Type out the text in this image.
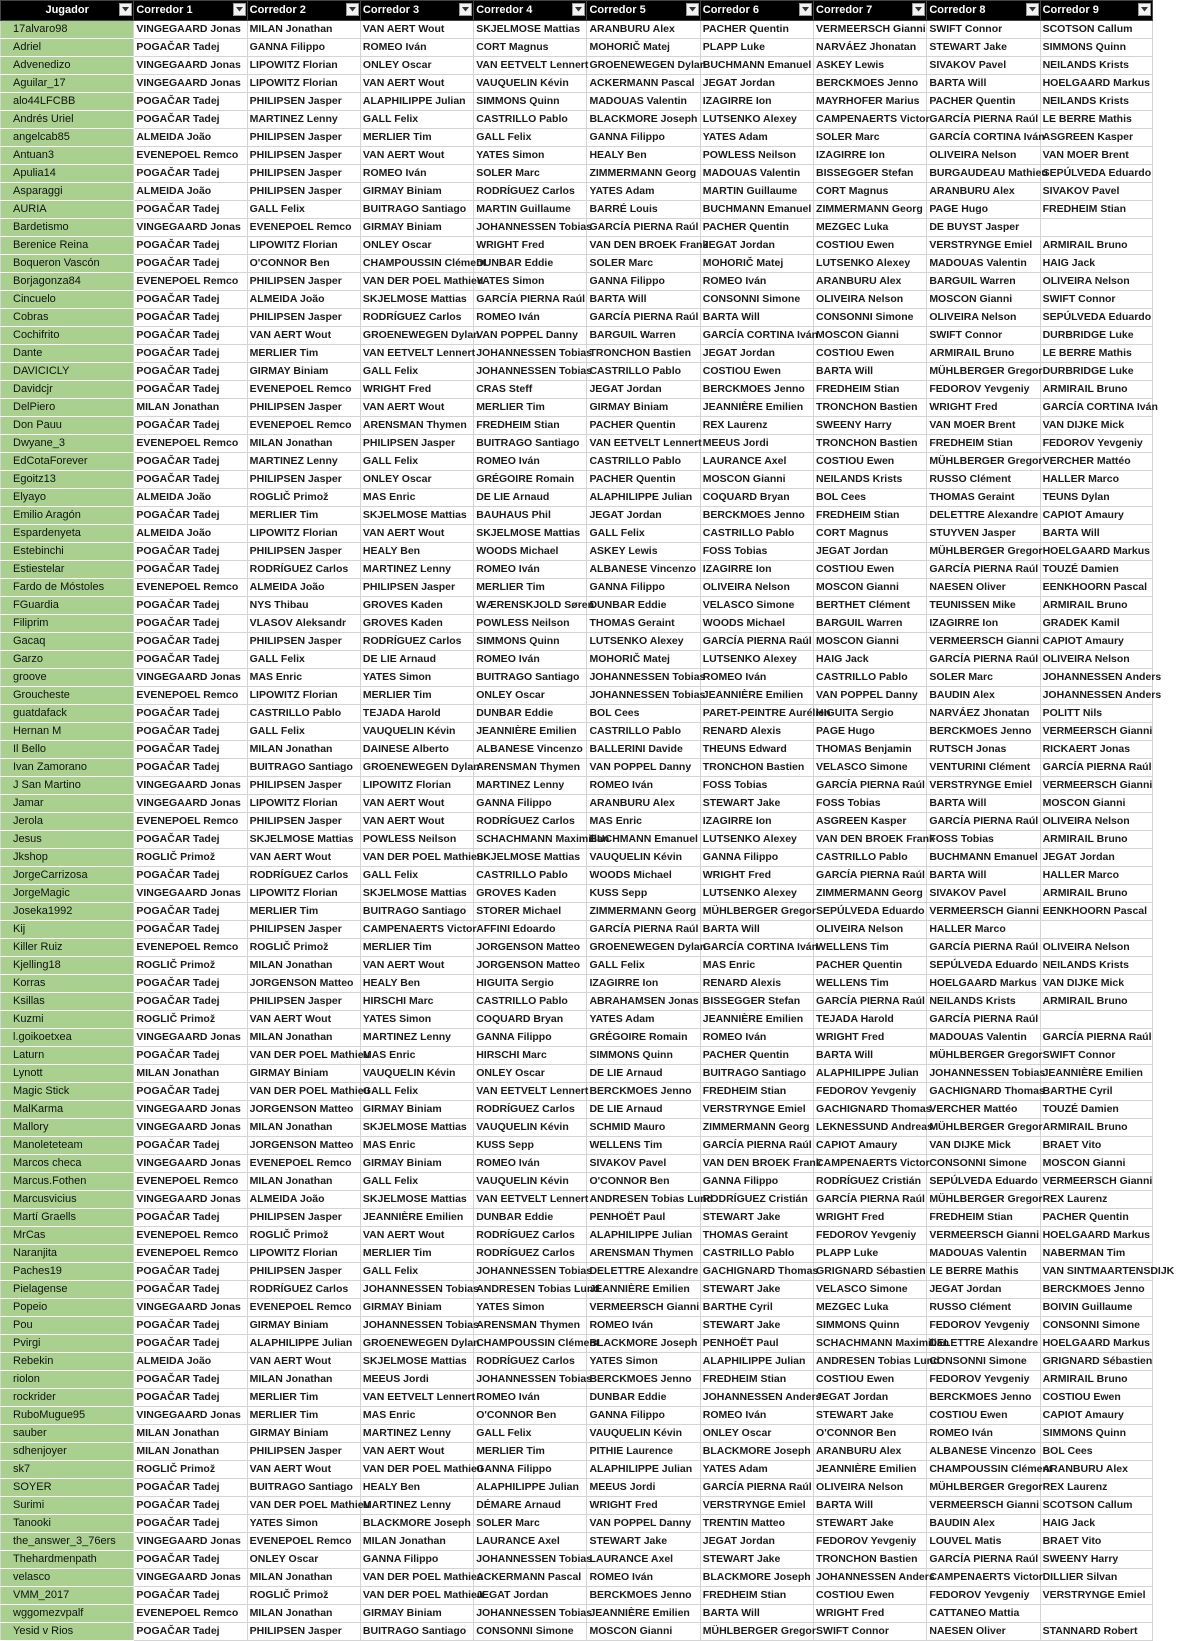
Jugador	Corredor 1	Corredor 2	Corredor 3	Corredor 4	Corredor 5	Corredor 6	Corredor 7	Corredor 8	Corredor 9

17alvaro98	VINGEGAARD Jonas	MILAN Jonathan	VAN AERT Wout	SKJELMOSE Mattias	ARANBURU Alex	PACHER Quentin	VERMEERSCH Gianni	SWIFT Connor	SCOTSON Callum
Adriel	POGAČAR Tadej	GANNA Filippo	ROMEO Iván	CORT Magnus	MOHORIČ Matej	PLAPP Luke	NARVÁEZ Jhonatan	STEWART Jake	SIMMONS Quinn
Advenedizo	VINGEGAARD Jonas	LIPOWITZ Florian	ONLEY Oscar	VAN EETVELT Lennert	GROENEWEGEN Dylan	BUCHMANN Emanuel	ASKEY Lewis	SIVAKOV Pavel	NEILANDS Krists
Aguilar_17	VINGEGAARD Jonas	LIPOWITZ Florian	VAN AERT Wout	VAUQUELIN Kévin	ACKERMANN Pascal	JEGAT Jordan	BERCKMOES Jenno	BARTA Will	HOELGAARD Markus
alo44LFCBB	POGAČAR Tadej	PHILIPSEN Jasper	ALAPHILIPPE Julian	SIMMONS Quinn	MADOUAS Valentin	IZAGIRRE Ion	MAYRHOFER Marius	PACHER Quentin	NEILANDS Krists
Andrés Uriel	POGAČAR Tadej	MARTINEZ Lenny	GALL Felix	CASTRILLO Pablo	BLACKMORE Joseph	LUTSENKO Alexey	CAMPENAERTS Victor	GARCÍA PIERNA Raúl	LE BERRE Mathis
angelcab85	ALMEIDA João	PHILIPSEN Jasper	MERLIER Tim	GALL Felix	GANNA Filippo	YATES Adam	SOLER Marc	GARCÍA CORTINA Iván	ASGREEN Kasper
Antuan3	EVENEPOEL Remco	PHILIPSEN Jasper	VAN AERT Wout	YATES Simon	HEALY Ben	POWLESS Neilson	IZAGIRRE Ion	OLIVEIRA Nelson	VAN MOER Brent
Apulia14	POGAČAR Tadej	PHILIPSEN Jasper	ROMEO Iván	SOLER Marc	ZIMMERMANN Georg	MADOUAS Valentin	BISSEGGER Stefan	BURGAUDEAU Mathieu	SEPÚLVEDA Eduardo
Asparaggi	ALMEIDA João	PHILIPSEN Jasper	GIRMAY Biniam	RODRÍGUEZ Carlos	YATES Adam	MARTIN Guillaume	CORT Magnus	ARANBURU Alex	SIVAKOV Pavel
AURIA	POGAČAR Tadej	GALL Felix	BUITRAGO Santiago	MARTIN Guillaume	BARRÉ Louis	BUCHMANN Emanuel	ZIMMERMANN Georg	PAGE Hugo	FREDHEIM Stian
Bardetismo	VINGEGAARD Jonas	EVENEPOEL Remco	GIRMAY Biniam	JOHANNESSEN Tobias	GARCÍA PIERNA Raúl	PACHER Quentin	MEZGEC Luka	DE BUYST Jasper	
Berenice Reina	POGAČAR Tadej	LIPOWITZ Florian	ONLEY Oscar	WRIGHT Fred	VAN DEN BROEK Frank	JEGAT Jordan	COSTIOU Ewen	VERSTRYNGE Emiel	ARMIRAIL Bruno
Boqueron Vascón	POGAČAR Tadej	O'CONNOR Ben	CHAMPOUSSIN Clément	DUNBAR Eddie	SOLER Marc	MOHORIČ Matej	LUTSENKO Alexey	MADOUAS Valentin	HAIG Jack
Borjagonza84	EVENEPOEL Remco	PHILIPSEN Jasper	VAN DER POEL Mathieu	YATES Simon	GANNA Filippo	ROMEO Iván	ARANBURU Alex	BARGUIL Warren	OLIVEIRA Nelson
Cincuelo	POGAČAR Tadej	ALMEIDA João	SKJELMOSE Mattias	GARCÍA PIERNA Raúl	BARTA Will	CONSONNI Simone	OLIVEIRA Nelson	MOSCON Gianni	SWIFT Connor
Cobras	POGAČAR Tadej	PHILIPSEN Jasper	RODRÍGUEZ Carlos	ROMEO Iván	GARCÍA PIERNA Raúl	BARTA Will	CONSONNI Simone	OLIVEIRA Nelson	SEPÚLVEDA Eduardo
Cochifrito	POGAČAR Tadej	VAN AERT Wout	GROENEWEGEN Dylan	VAN POPPEL Danny	BARGUIL Warren	GARCÍA CORTINA Iván	MOSCON Gianni	SWIFT Connor	DURBRIDGE Luke
Dante	POGAČAR Tadej	MERLIER Tim	VAN EETVELT Lennert	JOHANNESSEN Tobias	TRONCHON Bastien	JEGAT Jordan	COSTIOU Ewen	ARMIRAIL Bruno	LE BERRE Mathis
DAVICICLY	POGAČAR Tadej	GIRMAY Biniam	GALL Felix	JOHANNESSEN Tobias	CASTRILLO Pablo	COSTIOU Ewen	BARTA Will	MÜHLBERGER Gregor	DURBRIDGE Luke
Davidcjr	POGAČAR Tadej	EVENEPOEL Remco	WRIGHT Fred	CRAS Steff	JEGAT Jordan	BERCKMOES Jenno	FREDHEIM Stian	FEDOROV Yevgeniy	ARMIRAIL Bruno
DelPiero	MILAN Jonathan	PHILIPSEN Jasper	VAN AERT Wout	MERLIER Tim	GIRMAY Biniam	JEANNIÈRE Emilien	TRONCHON Bastien	WRIGHT Fred	GARCÍA CORTINA Iván
Don Pauu	POGAČAR Tadej	EVENEPOEL Remco	ARENSMAN Thymen	FREDHEIM Stian	PACHER Quentin	REX Laurenz	SWEENY Harry	VAN MOER Brent	VAN DIJKE Mick
Dwyane_3	EVENEPOEL Remco	MILAN Jonathan	PHILIPSEN Jasper	BUITRAGO Santiago	VAN EETVELT Lennert	MEEUS Jordi	TRONCHON Bastien	FREDHEIM Stian	FEDOROV Yevgeniy
EdCotaForever	POGAČAR Tadej	MARTINEZ Lenny	GALL Felix	ROMEO Iván	CASTRILLO Pablo	LAURANCE Axel	COSTIOU Ewen	MÜHLBERGER Gregor	VERCHER Mattéo
Egoitz13	POGAČAR Tadej	PHILIPSEN Jasper	ONLEY Oscar	GRÉGOIRE Romain	PACHER Quentin	MOSCON Gianni	NEILANDS Krists	RUSSO Clément	HALLER Marco
Elyayo	ALMEIDA João	ROGLIČ Primož	MAS Enric	DE LIE Arnaud	ALAPHILIPPE Julian	COQUARD Bryan	BOL Cees	THOMAS Geraint	TEUNS Dylan
Emilio Aragón	POGAČAR Tadej	MERLIER Tim	SKJELMOSE Mattias	BAUHAUS Phil	JEGAT Jordan	BERCKMOES Jenno	FREDHEIM Stian	DELETTRE Alexandre	CAPIOT Amaury
Espardenyeta	ALMEIDA João	LIPOWITZ Florian	VAN AERT Wout	SKJELMOSE Mattias	GALL Felix	CASTRILLO Pablo	CORT Magnus	STUYVEN Jasper	BARTA Will
Estebinchi	POGAČAR Tadej	PHILIPSEN Jasper	HEALY Ben	WOODS Michael	ASKEY Lewis	FOSS Tobias	JEGAT Jordan	MÜHLBERGER Gregor	HOELGAARD Markus
Estiestelar	POGAČAR Tadej	RODRÍGUEZ Carlos	MARTINEZ Lenny	ROMEO Iván	ALBANESE Vincenzo	IZAGIRRE Ion	COSTIOU Ewen	GARCÍA PIERNA Raúl	TOUZÉ Damien
Fardo de Móstoles	EVENEPOEL Remco	ALMEIDA João	PHILIPSEN Jasper	MERLIER Tim	GANNA Filippo	OLIVEIRA Nelson	MOSCON Gianni	NAESEN Oliver	EENKHOORN Pascal
FGuardia	POGAČAR Tadej	NYS Thibau	GROVES Kaden	WÆRENSKJOLD Søren	DUNBAR Eddie	VELASCO Simone	BERTHET Clément	TEUNISSEN Mike	ARMIRAIL Bruno
Filiprim	POGAČAR Tadej	VLASOV Aleksandr	GROVES Kaden	POWLESS Neilson	THOMAS Geraint	WOODS Michael	BARGUIL Warren	IZAGIRRE Ion	GRADEK Kamil
Gacaq	POGAČAR Tadej	PHILIPSEN Jasper	RODRÍGUEZ Carlos	SIMMONS Quinn	LUTSENKO Alexey	GARCÍA PIERNA Raúl	MOSCON Gianni	VERMEERSCH Gianni	CAPIOT Amaury
Garzo	POGAČAR Tadej	GALL Felix	DE LIE Arnaud	ROMEO Iván	MOHORIČ Matej	LUTSENKO Alexey	HAIG Jack	GARCÍA PIERNA Raúl	OLIVEIRA Nelson
groove	VINGEGAARD Jonas	MAS Enric	YATES Simon	BUITRAGO Santiago	JOHANNESSEN Tobias	ROMEO Iván	CASTRILLO Pablo	SOLER Marc	JOHANNESSEN Anders
Groucheste	EVENEPOEL Remco	LIPOWITZ Florian	MERLIER Tim	ONLEY Oscar	JOHANNESSEN Tobias	JEANNIÈRE Emilien	VAN POPPEL Danny	BAUDIN Alex	JOHANNESSEN Anders
guatdafack	POGAČAR Tadej	CASTRILLO Pablo	TEJADA Harold	DUNBAR Eddie	BOL Cees	PARET-PEINTRE Aurélien	HIGUITA Sergio	NARVÁEZ Jhonatan	POLITT Nils
Hernan M	POGAČAR Tadej	GALL Felix	VAUQUELIN Kévin	JEANNIÈRE Emilien	CASTRILLO Pablo	RENARD Alexis	PAGE Hugo	BERCKMOES Jenno	VERMEERSCH Gianni
Il Bello	POGAČAR Tadej	MILAN Jonathan	DAINESE Alberto	ALBANESE Vincenzo	BALLERINI Davide	THEUNS Edward	THOMAS Benjamin	RUTSCH Jonas	RICKAERT Jonas
Ivan Zamorano	POGAČAR Tadej	BUITRAGO Santiago	GROENEWEGEN Dylan	ARENSMAN Thymen	VAN POPPEL Danny	TRONCHON Bastien	VELASCO Simone	VENTURINI Clément	GARCÍA PIERNA Raúl
J San Martino	VINGEGAARD Jonas	PHILIPSEN Jasper	LIPOWITZ Florian	MARTINEZ Lenny	ROMEO Iván	FOSS Tobias	GARCÍA PIERNA Raúl	VERSTRYNGE Emiel	VERMEERSCH Gianni
Jamar	VINGEGAARD Jonas	LIPOWITZ Florian	VAN AERT Wout	GANNA Filippo	ARANBURU Alex	STEWART Jake	FOSS Tobias	BARTA Will	MOSCON Gianni
Jerola	EVENEPOEL Remco	PHILIPSEN Jasper	VAN AERT Wout	RODRÍGUEZ Carlos	MAS Enric	IZAGIRRE Ion	ASGREEN Kasper	GARCÍA PIERNA Raúl	OLIVEIRA Nelson
Jesus	POGAČAR Tadej	SKJELMOSE Mattias	POWLESS Neilson	SCHACHMANN Maximilian	BUCHMANN Emanuel	LUTSENKO Alexey	VAN DEN BROEK Frank	FOSS Tobias	ARMIRAIL Bruno
Jkshop	ROGLIČ Primož	VAN AERT Wout	VAN DER POEL Mathieu	SKJELMOSE Mattias	VAUQUELIN Kévin	GANNA Filippo	CASTRILLO Pablo	BUCHMANN Emanuel	JEGAT Jordan
JorgeCarrizosa	POGAČAR Tadej	RODRÍGUEZ Carlos	GALL Felix	CASTRILLO Pablo	WOODS Michael	WRIGHT Fred	GARCÍA PIERNA Raúl	BARTA Will	HALLER Marco
JorgeMagic	VINGEGAARD Jonas	LIPOWITZ Florian	SKJELMOSE Mattias	GROVES Kaden	KUSS Sepp	LUTSENKO Alexey	ZIMMERMANN Georg	SIVAKOV Pavel	ARMIRAIL Bruno
Joseka1992	POGAČAR Tadej	MERLIER Tim	BUITRAGO Santiago	STORER Michael	ZIMMERMANN Georg	MÜHLBERGER Gregor	SEPÚLVEDA Eduardo	VERMEERSCH Gianni	EENKHOORN Pascal
Kij	POGAČAR Tadej	PHILIPSEN Jasper	CAMPENAERTS Victor	AFFINI Edoardo	GARCÍA PIERNA Raúl	BARTA Will	OLIVEIRA Nelson	HALLER Marco	
Killer Ruiz	EVENEPOEL Remco	ROGLIČ Primož	MERLIER Tim	JORGENSON Matteo	GROENEWEGEN Dylan	GARCÍA CORTINA Iván	WELLENS Tim	GARCÍA PIERNA Raúl	OLIVEIRA Nelson
Kjelling18	ROGLIČ Primož	MILAN Jonathan	VAN AERT Wout	JORGENSON Matteo	GALL Felix	MAS Enric	PACHER Quentin	SEPÚLVEDA Eduardo	NEILANDS Krists
Korras	POGAČAR Tadej	JORGENSON Matteo	HEALY Ben	HIGUITA Sergio	IZAGIRRE Ion	RENARD Alexis	WELLENS Tim	HOELGAARD Markus	VAN DIJKE Mick
Ksillas	POGAČAR Tadej	PHILIPSEN Jasper	HIRSCHI Marc	CASTRILLO Pablo	ABRAHAMSEN Jonas	BISSEGGER Stefan	GARCÍA PIERNA Raúl	NEILANDS Krists	ARMIRAIL Bruno
Kuzmi	ROGLIČ Primož	VAN AERT Wout	YATES Simon	COQUARD Bryan	YATES Adam	JEANNIÈRE Emilien	TEJADA Harold	GARCÍA PIERNA Raúl	
l.goikoetxea	VINGEGAARD Jonas	MILAN Jonathan	MARTINEZ Lenny	GANNA Filippo	GRÉGOIRE Romain	ROMEO Iván	WRIGHT Fred	MADOUAS Valentin	GARCÍA PIERNA Raúl
Laturn	POGAČAR Tadej	VAN DER POEL Mathieu	MAS Enric	HIRSCHI Marc	SIMMONS Quinn	PACHER Quentin	BARTA Will	MÜHLBERGER Gregor	SWIFT Connor
Lynott	MILAN Jonathan	GIRMAY Biniam	VAUQUELIN Kévin	ONLEY Oscar	DE LIE Arnaud	BUITRAGO Santiago	ALAPHILIPPE Julian	JOHANNESSEN Tobias	JEANNIÈRE Emilien
Magic Stick	POGAČAR Tadej	VAN DER POEL Mathieu	GALL Felix	VAN EETVELT Lennert	BERCKMOES Jenno	FREDHEIM Stian	FEDOROV Yevgeniy	GACHIGNARD Thomas	BARTHE Cyril
MalKarma	VINGEGAARD Jonas	JORGENSON Matteo	GIRMAY Biniam	RODRÍGUEZ Carlos	DE LIE Arnaud	VERSTRYNGE Emiel	GACHIGNARD Thomas	VERCHER Mattéo	TOUZÉ Damien
Mallory	VINGEGAARD Jonas	MILAN Jonathan	SKJELMOSE Mattias	VAUQUELIN Kévin	SCHMID Mauro	ZIMMERMANN Georg	LEKNESSUND Andreas	MÜHLBERGER Gregor	ARMIRAIL Bruno
Manoleteteam	POGAČAR Tadej	JORGENSON Matteo	MAS Enric	KUSS Sepp	WELLENS Tim	GARCÍA PIERNA Raúl	CAPIOT Amaury	VAN DIJKE Mick	BRAET Vito
Marcos checa	VINGEGAARD Jonas	EVENEPOEL Remco	GIRMAY Biniam	ROMEO Iván	SIVAKOV Pavel	VAN DEN BROEK Frank	CAMPENAERTS Victor	CONSONNI Simone	MOSCON Gianni
Marcus.Fothen	EVENEPOEL Remco	MILAN Jonathan	GALL Felix	VAUQUELIN Kévin	O'CONNOR Ben	GANNA Filippo	RODRÍGUEZ Cristián	SEPÚLVEDA Eduardo	VERMEERSCH Gianni
Marcusvicius	VINGEGAARD Jonas	ALMEIDA João	SKJELMOSE Mattias	VAN EETVELT Lennert	ANDRESEN Tobias Lund	RODRÍGUEZ Cristián	GARCÍA PIERNA Raúl	MÜHLBERGER Gregor	REX Laurenz
Martí Graells	POGAČAR Tadej	PHILIPSEN Jasper	JEANNIÈRE Emilien	DUNBAR Eddie	PENHOËT Paul	STEWART Jake	WRIGHT Fred	FREDHEIM Stian	PACHER Quentin
MrCas	EVENEPOEL Remco	ROGLIČ Primož	VAN AERT Wout	RODRÍGUEZ Carlos	ALAPHILIPPE Julian	THOMAS Geraint	FEDOROV Yevgeniy	VERMEERSCH Gianni	HOELGAARD Markus
Naranjita	EVENEPOEL Remco	LIPOWITZ Florian	MERLIER Tim	RODRÍGUEZ Carlos	ARENSMAN Thymen	CASTRILLO Pablo	PLAPP Luke	MADOUAS Valentin	NABERMAN Tim
Paches19	POGAČAR Tadej	PHILIPSEN Jasper	GALL Felix	JOHANNESSEN Tobias	DELETTRE Alexandre	GACHIGNARD Thomas	GRIGNARD Sébastien	LE BERRE Mathis	VAN SINTMAARTENSDIJK
Pielagense	POGAČAR Tadej	RODRÍGUEZ Carlos	JOHANNESSEN Tobias	ANDRESEN Tobias Lund	JEANNIÈRE Emilien	STEWART Jake	VELASCO Simone	JEGAT Jordan	BERCKMOES Jenno
Popeio	VINGEGAARD Jonas	EVENEPOEL Remco	GIRMAY Biniam	YATES Simon	VERMEERSCH Gianni	BARTHE Cyril	MEZGEC Luka	RUSSO Clément	BOIVIN Guillaume
Pou	POGAČAR Tadej	GIRMAY Biniam	JOHANNESSEN Tobias	ARENSMAN Thymen	ROMEO Iván	STEWART Jake	SIMMONS Quinn	FEDOROV Yevgeniy	CONSONNI Simone
Pvirgi	POGAČAR Tadej	ALAPHILIPPE Julian	GROENEWEGEN Dylan	CHAMPOUSSIN Clément	BLACKMORE Joseph	PENHOËT Paul	SCHACHMANN Maximilian	DELETTRE Alexandre	HOELGAARD Markus
Rebekin	ALMEIDA João	VAN AERT Wout	SKJELMOSE Mattias	RODRÍGUEZ Carlos	YATES Simon	ALAPHILIPPE Julian	ANDRESEN Tobias Lund	CONSONNI Simone	GRIGNARD Sébastien
riolon	POGAČAR Tadej	MILAN Jonathan	MEEUS Jordi	JOHANNESSEN Tobias	BERCKMOES Jenno	FREDHEIM Stian	COSTIOU Ewen	FEDOROV Yevgeniy	ARMIRAIL Bruno
rockrider	POGAČAR Tadej	MERLIER Tim	VAN EETVELT Lennert	ROMEO Iván	DUNBAR Eddie	JOHANNESSEN Anders	JEGAT Jordan	BERCKMOES Jenno	COSTIOU Ewen
RuboMugue95	VINGEGAARD Jonas	MERLIER Tim	MAS Enric	O'CONNOR Ben	GANNA Filippo	ROMEO Iván	STEWART Jake	COSTIOU Ewen	CAPIOT Amaury
sauber	MILAN Jonathan	GIRMAY Biniam	MARTINEZ Lenny	GALL Felix	VAUQUELIN Kévin	ONLEY Oscar	O'CONNOR Ben	ROMEO Iván	SIMMONS Quinn
sdhenjoyer	MILAN Jonathan	PHILIPSEN Jasper	VAN AERT Wout	MERLIER Tim	PITHIE Laurence	BLACKMORE Joseph	ARANBURU Alex	ALBANESE Vincenzo	BOL Cees
sk7	ROGLIČ Primož	VAN AERT Wout	VAN DER POEL Mathieu	GANNA Filippo	ALAPHILIPPE Julian	YATES Adam	JEANNIÈRE Emilien	CHAMPOUSSIN Clément	ARANBURU Alex
SOYER	POGAČAR Tadej	BUITRAGO Santiago	HEALY Ben	ALAPHILIPPE Julian	MEEUS Jordi	GARCÍA PIERNA Raúl	OLIVEIRA Nelson	MÜHLBERGER Gregor	REX Laurenz
Surimi	POGAČAR Tadej	VAN DER POEL Mathieu	MARTINEZ Lenny	DÉMARE Arnaud	WRIGHT Fred	VERSTRYNGE Emiel	BARTA Will	VERMEERSCH Gianni	SCOTSON Callum
Tanooki	POGAČAR Tadej	YATES Simon	BLACKMORE Joseph	SOLER Marc	VAN POPPEL Danny	TRENTIN Matteo	STEWART Jake	BAUDIN Alex	HAIG Jack
the_answer_3_76ers	VINGEGAARD Jonas	EVENEPOEL Remco	MILAN Jonathan	LAURANCE Axel	STEWART Jake	JEGAT Jordan	FEDOROV Yevgeniy	LOUVEL Matis	BRAET Vito
Thehardmenpath	POGAČAR Tadej	ONLEY Oscar	GANNA Filippo	JOHANNESSEN Tobias	LAURANCE Axel	STEWART Jake	TRONCHON Bastien	GARCÍA PIERNA Raúl	SWEENY Harry
velasco	VINGEGAARD Jonas	MILAN Jonathan	VAN DER POEL Mathieu	ACKERMANN Pascal	ROMEO Iván	BLACKMORE Joseph	JOHANNESSEN Anders	CAMPENAERTS Victor	DILLIER Silvan
VMM_2017	POGAČAR Tadej	ROGLIČ Primož	VAN DER POEL Mathieu	JEGAT Jordan	BERCKMOES Jenno	FREDHEIM Stian	COSTIOU Ewen	FEDOROV Yevgeniy	VERSTRYNGE Emiel
wggomezvpalf	EVENEPOEL Remco	MILAN Jonathan	GIRMAY Biniam	JOHANNESSEN Tobias	JEANNIÈRE Emilien	BARTA Will	WRIGHT Fred	CATTANEO Mattia	
Yesid v Rios	POGAČAR Tadej	PHILIPSEN Jasper	BUITRAGO Santiago	CONSONNI Simone	MOSCON Gianni	MÜHLBERGER Gregor	SWIFT Connor	NAESEN Oliver	STANNARD Robert
